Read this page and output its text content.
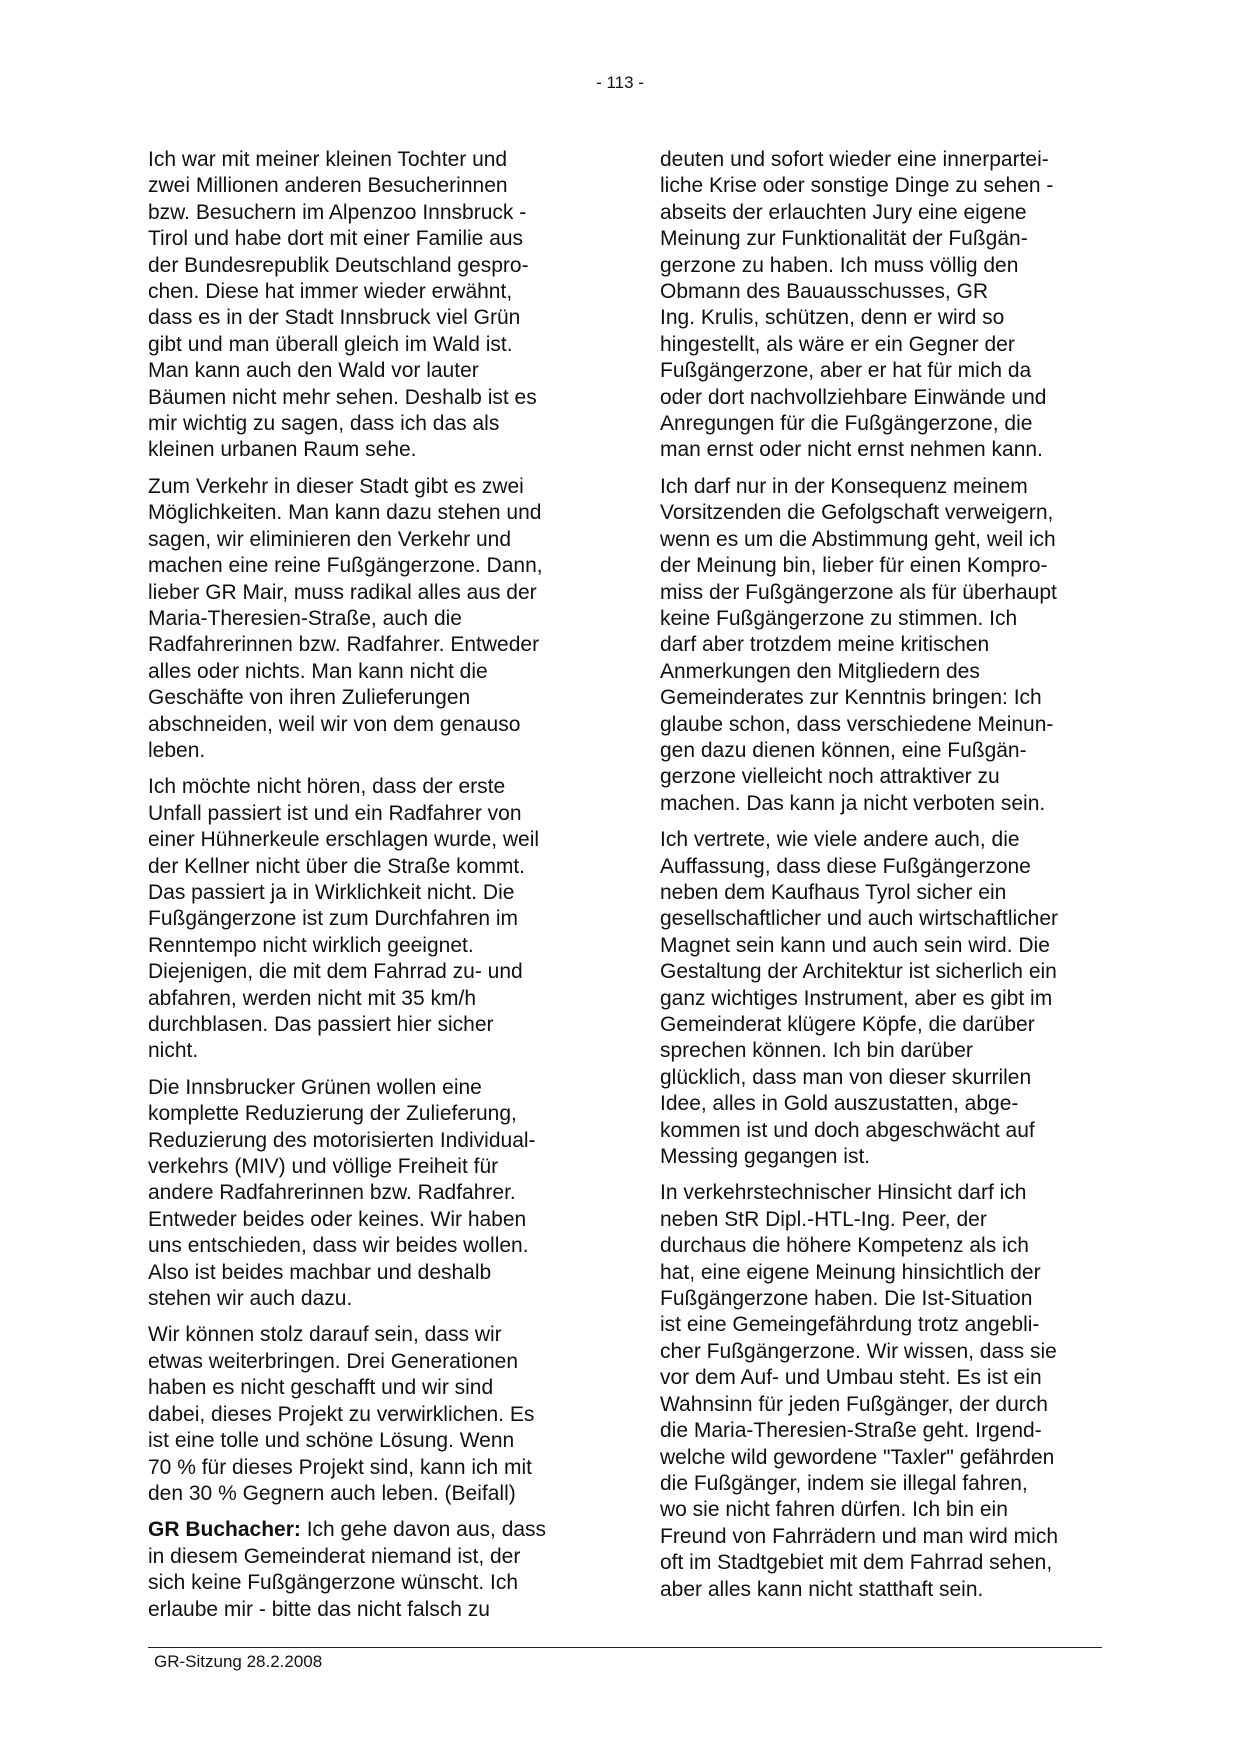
- 113 -

Ich war mit meiner kleinen Tochter und
zwei Millionen anderen Besucherinnen
bzw. Besuchern im Alpenzoo Innsbruck -
Tirol und habe dort mit einer Familie aus
der Bundesrepublik Deutschland gespro-
chen. Diese hat immer wieder erwähnt,
dass es in der Stadt Innsbruck viel Grün
gibt und man überall gleich im Wald ist.
Man kann auch den Wald vor lauter
Bäumen nicht mehr sehen. Deshalb ist es
mir wichtig zu sagen, dass ich das als
kleinen urbanen Raum sehe.

Zum Verkehr in dieser Stadt gibt es zwei
Möglichkeiten. Man kann dazu stehen und
sagen, wir eliminieren den Verkehr und
machen eine reine Fußgängerzone. Dann,
lieber GR Mair, muss radikal alles aus der
Maria-Theresien-Straße, auch die
Radfahrerinnen bzw. Radfahrer. Entweder
alles oder nichts. Man kann nicht die
Geschäfte von ihren Zulieferungen
abschneiden, weil wir von dem genauso
leben.

Ich möchte nicht hören, dass der erste
Unfall passiert ist und ein Radfahrer von
einer Hühnerkeule erschlagen wurde, weil
der Kellner nicht über die Straße kommt.
Das passiert ja in Wirklichkeit nicht. Die
Fußgängerzone ist zum Durchfahren im
Renntempo nicht wirklich geeignet.
Diejenigen, die mit dem Fahrrad zu- und
abfahren, werden nicht mit 35 km/h
durchblasen. Das passiert hier sicher
nicht.

Die Innsbrucker Grünen wollen eine
komplette Reduzierung der Zulieferung,
Reduzierung des motorisierten Individual-
verkehrs (MIV) und völlige Freiheit für
andere Radfahrerinnen bzw. Radfahrer.
Entweder beides oder keines. Wir haben
uns entschieden, dass wir beides wollen.
Also ist beides machbar und deshalb
stehen wir auch dazu.

Wir können stolz darauf sein, dass wir
etwas weiterbringen. Drei Generationen
haben es nicht geschafft und wir sind
dabei, dieses Projekt zu verwirklichen. Es
ist eine tolle und schöne Lösung. Wenn
70 % für dieses Projekt sind, kann ich mit
den 30 % Gegnern auch leben. (Beifall)

GR Buchacher: Ich gehe davon aus, dass
in diesem Gemeinderat niemand ist, der
sich keine Fußgängerzone wünscht. Ich
erlaube mir - bitte das nicht falsch zu

deuten und sofort wieder eine innerpartei-
liche Krise oder sonstige Dinge zu sehen -
abseits der erlauchten Jury eine eigene
Meinung zur Funktionalität der Fußgän-
gerzone zu haben. Ich muss völlig den
Obmann des Bauausschusses, GR
Ing. Krulis, schützen, denn er wird so
hingestellt, als wäre er ein Gegner der
Fußgängerzone, aber er hat für mich da
oder dort nachvollziehbare Einwände und
Anregungen für die Fußgängerzone, die
man ernst oder nicht ernst nehmen kann.

Ich darf nur in der Konsequenz meinem
Vorsitzenden die Gefolgschaft verweigern,
wenn es um die Abstimmung geht, weil ich
der Meinung bin, lieber für einen Kompro-
miss der Fußgängerzone als für überhaupt
keine Fußgängerzone zu stimmen. Ich
darf aber trotzdem meine kritischen
Anmerkungen den Mitgliedern des
Gemeinderates zur Kenntnis bringen: Ich
glaube schon, dass verschiedene Meinun-
gen dazu dienen können, eine Fußgän-
gerzone vielleicht noch attraktiver zu
machen. Das kann ja nicht verboten sein.

Ich vertrete, wie viele andere auch, die
Auffassung, dass diese Fußgängerzone
neben dem Kaufhaus Tyrol sicher ein
gesellschaftlicher und auch wirtschaftlicher
Magnet sein kann und auch sein wird. Die
Gestaltung der Architektur ist sicherlich ein
ganz wichtiges Instrument, aber es gibt im
Gemeinderat klügere Köpfe, die darüber
sprechen können. Ich bin darüber
glücklich, dass man von dieser skurrilen
Idee, alles in Gold auszustatten, abge-
kommen ist und doch abgeschwächt auf
Messing gegangen ist.

In verkehrstechnischer Hinsicht darf ich
neben StR Dipl.-HTL-Ing. Peer, der
durchaus die höhere Kompetenz als ich
hat, eine eigene Meinung hinsichtlich der
Fußgängerzone haben. Die Ist-Situation
ist eine Gemeingefährdung trotz angebli-
cher Fußgängerzone. Wir wissen, dass sie
vor dem Auf- und Umbau steht. Es ist ein
Wahnsinn für jeden Fußgänger, der durch
die Maria-Theresien-Straße geht. Irgend-
welche wild gewordene "Taxler" gefährden
die Fußgänger, indem sie illegal fahren,
wo sie nicht fahren dürfen. Ich bin ein
Freund von Fahrrädern und man wird mich
oft im Stadtgebiet mit dem Fahrrad sehen,
aber alles kann nicht statthaft sein.

GR-Sitzung 28.2.2008
